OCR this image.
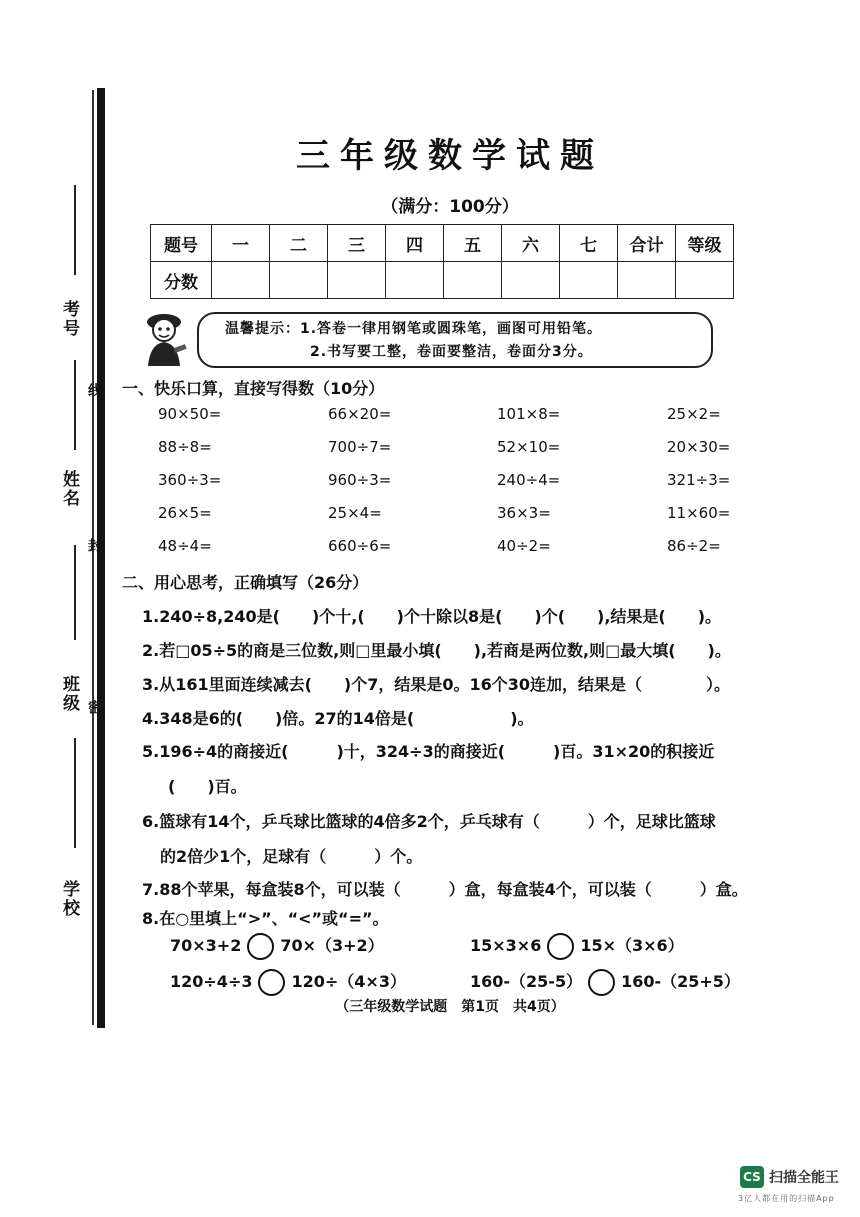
考号
线
姓名
封
班级 密
学校
三年级数学试题
（满分：100分）
题号	一	二	三	四	五	六	七	合计	等级
分数									
温馨提示：1.答卷一律用钢笔或圆珠笔，画图可用铅笔。
2.书写要工整，卷面要整洁，卷面分3分。
一、快乐口算，直接写得数（10分）
90×50=	66×20=	101×8=	25×2=
88÷8=	700÷7=	52×10=	20×30=
360÷3=	960÷3=	240÷4=	321÷3=
26×5=	25×4=	36×3=	11×60=
48÷4=	660÷6=	40÷2=	86÷2=
二、用心思考，正确填写（26分）
1.240÷8,240是(　　)个十,(　　)个十除以8是(　　)个(　　),结果是(　　)。
2.若□05÷5的商是三位数,则□里最小填(　　),若商是两位数,则□最大填(　　)。
3.从161里面连续减去(　　)个7，结果是0。16个30连加，结果是（　　　　）。
4.348是6的(　　)倍。27的14倍是(　　　　　　)。
5.196÷4的商接近(　　　)十，324÷3的商接近(　　　)百。31×20的积接近
(　　)百。
6.篮球有14个，乒乓球比篮球的4倍多2个，乒乓球有（　　　）个，足球比篮球
的2倍少1个，足球有（　　　）个。
7.88个苹果，每盒装8个，可以装（　　　）盒，每盒装4个，可以装（　　　）盒。
8.在○里填上“>”、“<”或“=”。
70×3+2 70×（3+2）	15×3×6 15×（3×6）
120÷4÷3 120÷（4×3）	160-（25-5） 160-（25+5）
（三年级数学试题　第1页　共4页）
CS 扫描全能王
3亿人都在用的扫描App
